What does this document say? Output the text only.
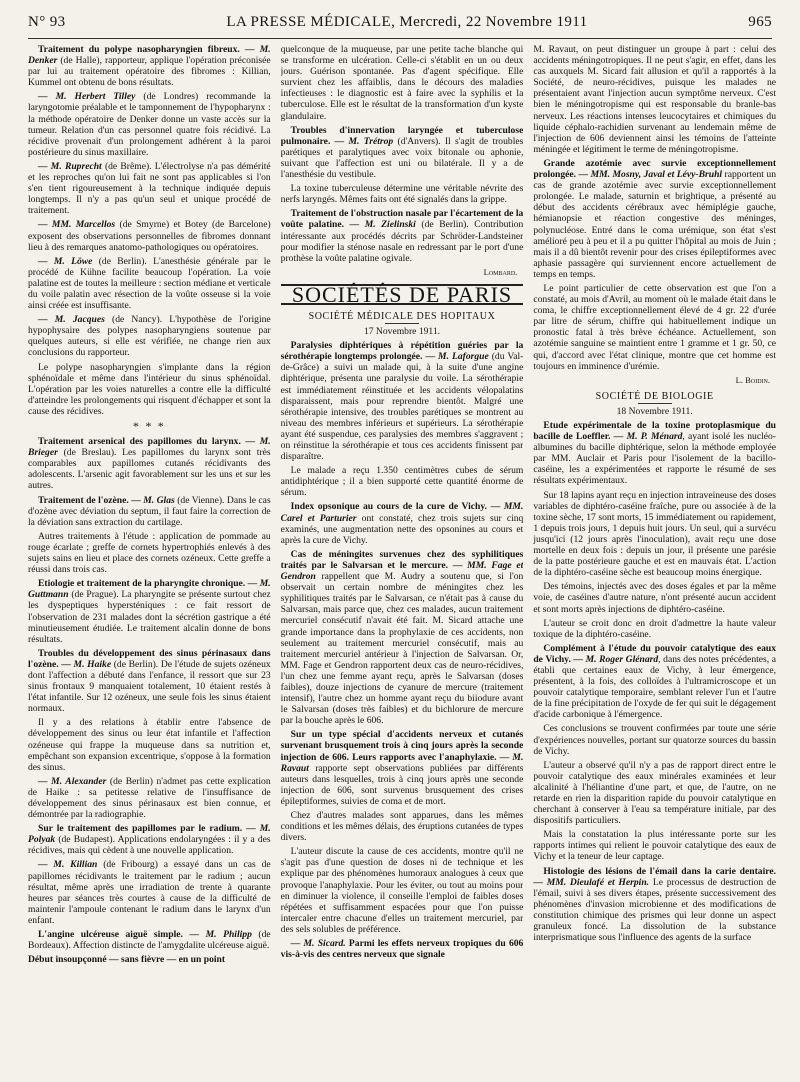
N° 93	LA PRESSE MÉDICALE, Mercredi, 22 Novembre 1911	965

Traitement du polype nasopharyngien fibreux. — M. Denker (de Halle), rapporteur, applique l'opération préconisée par lui au traitement opératoire des fibromes : Killian, Kummel ont obtenu de bons résultats.

— M. Herbert Tilley (de Londres) recommande la laryngotomie préalable et le tamponnement de l'hypopharynx : la méthode opératoire de Denker donne un vaste accès sur la tumeur. Relation d'un cas personnel quatre fois récidivé. La récidive provenait d'un prolongement adhérent à la paroi postérieure du sinus maxillaire.

— M. Ruprecht (de Brême). L'électrolyse n'a pas démérité et les reproches qu'on lui fait ne sont pas applicables si l'on s'en tient rigoureusement à la technique indiquée depuis longtemps. Il n'y a pas qu'un seul et unique procédé de traitement.

— MM. Marcellos (de Smyrne) et Botey (de Barcelone) exposent des observations personnelles de fibromes donnant lieu à des remarques anatomo-pathologiques ou opératoires.

— M. Löwe (de Berlin). L'anesthésie générale par le procédé de Kühne facilite beaucoup l'opération. La voie palatine est de toutes la meilleure : section médiane et verticale du voile palatin avec résection de la voûte osseuse si la voie ainsi créée est insuffisante.

— M. Jacques (de Nancy). L'hypothèse de l'origine hypophysaire des polypes nasopharyngiens soutenue par quelques auteurs, si elle est vérifiée, ne change rien aux conclusions du rapporteur.

Le polype nasopharyngien s'implante dans la région sphénoïdale et même dans l'intérieur du sinus sphénoïdal. L'opération par les voies naturelles a contre elle la difficulté d'atteindre les prolongements qui risquent d'échapper et sont la cause des récidives.

* * *

Traitement arsenical des papillomes du larynx. — M. Brieger (de Breslau). Les papillomes du larynx sont très comparables aux papillomes cutanés récidivants des adolescents. L'arsenic agit favorablement sur les uns et sur les autres.

Traitement de l'ozène. — M. Glas (de Vienne). Dans le cas d'ozène avec déviation du septum, il faut faire la correction de la déviation sans extraction du cartilage.

Autres traitements à l'étude : application de pommade au rouge écarlate ; greffe de cornets hypertrophiés enlevés à des sujets sains en lieu et place des cornets ozéneux. Cette greffe a réussi dans trois cas.

Etiologie et traitement de la pharyngite chronique. — M. Guttmann (de Prague). La pharyngite se présente surtout chez les dyspeptiques hypersténiques : ce fait ressort de l'observation de 231 malades dont la sécrétion gastrique a été minutieusement étudiée. Le traitement alcalin donne de bons résultats.

Troubles du développement des sinus périnasaux dans l'ozène. — M. Haike (de Berlin). De l'étude de sujets ozéneux dont l'affection a débuté dans l'enfance, il ressort que sur 23 sinus frontaux 9 manquaient totalement, 10 étaient restés à l'état infantile. Sur 12 ozéneux, une seule fois les sinus étaient normaux.

Il y a des relations à établir entre l'absence de développement des sinus ou leur état infantile et l'affection ozéneuse qui frappe la muqueuse dans sa nutrition et, empêchant son expansion excentrique, s'oppose à la formation des sinus.

— M. Alexander (de Berlin) n'admet pas cette explication de Haike : sa petitesse relative de l'insuffisance de développement des sinus périnasaux est bien connue, et démontrée par la radiographie.

Sur le traitement des papillomes par le radium. — M. Polyak (de Budapest). Applications endolaryngées : il y a des récidives, mais qui cèdent à une nouvelle application.

— M. Killian (de Fribourg) a essayé dans un cas de papillomes récidivants le traitement par le radium ; aucun résultat, même après une irradiation de trente à quarante heures par séances très courtes à cause de la difficulté de maintenir l'ampoule contenant le radium dans le larynx d'un enfant.

L'angine ulcéreuse aiguë simple. — M. Philipp (de Bordeaux). Affection distincte de l'amygdalite ulcéreuse aiguë.

Début insoupçonné — sans fièvre — en un point

quelconque de la muqueuse, par une petite tache blanche qui se transforme en ulcération. Celle-ci s'établit en un ou deux jours. Guérison spontanée. Pas d'agent spécifique. Elle survient chez les affaiblis, dans le décours des maladies infectieuses : le diagnostic est à faire avec la syphilis et la tuberculose. Elle est le résultat de la transformation d'un kyste glandulaire.

Troubles d'innervation laryngée et tuberculose pulmonaire. — M. Trétrop (d'Anvers). Il s'agit de troubles parétiques et paralytiques avec voix bitonale ou aphonie, suivant que l'affection est uni ou bilatérale. Il y a de l'anesthésie du vestibule.

La toxine tuberculeuse détermine une véritable névrite des nerfs laryngés. Mêmes faits ont été signalés dans la grippe.

Traitement de l'obstruction nasale par l'écartement de la voûte palatine. — M. Zielinski (de Berlin). Contribution intéressante aux procédés décrits par Schröder-Landsteiner pour modifier la sténose nasale en redressant par le port d'une prothèse la voûte palatine ogivale.

Lombard.
SOCIÉTÉS DE PARIS
SOCIÉTÉ MÉDICALE DES HOPITAUX
17 Novembre 1911.

Paralysies diphtériques à répétition guéries par la sérothérapie longtemps prolongée. — M. Laforgue (du Val-de-Grâce) a suivi un malade qui, à la suite d'une angine diphtérique, présenta une paralysie du voile. La sérothérapie est immédiatement réinstituée et les accidents vélopalatins disparaissent, mais pour reprendre bientôt. Malgré une sérothérapie intensive, des troubles parétiques se montrent au niveau des membres inférieurs et supérieurs. La sérothérapie ayant été suspendue, ces paralysies des membres s'aggravent ; on réinstitue la sérothérapie et tous ces accidents finissent par disparaître.

Le malade a reçu 1.350 centimètres cubes de sérum antidiphtérique ; il a bien supporté cette quantité énorme de sérum.

Index opsonique au cours de la cure de Vichy. — MM. Carel et Parturier ont constaté, chez trois sujets sur cinq examinés, une augmentation nette des opsonines au cours et après la cure de Vichy.

Cas de méningites survenues chez des syphilitiques traités par le Salvarsan et le mercure. — MM. Fage et Gendron rappellent que M. Audry a soutenu que, si l'on observait un certain nombre de méningites chez les syphilitiques traités par le Salvarsan, ce n'était pas à cause du Salvarsan, mais parce que, chez ces malades, aucun traitement mercuriel consécutif n'avait été fait. M. Sicard attache une grande importance dans la prophylaxie de ces accidents, non seulement au traitement mercuriel consécutif, mais au traitement mercuriel antérieur à l'injection de Salvarsan. Or, MM. Fage et Gendron rapportent deux cas de neuro-récidives, l'un chez une femme ayant reçu, après le Salvarsan (doses faibles), douze injections de cyanure de mercure (traitement intensif), l'autre chez un homme ayant reçu du biiodure avant le Salvarsan (doses très faibles) et du bichlorure de mercure par la bouche après le 606.

Sur un type spécial d'accidents nerveux et cutanés survenant brusquement trois à cinq jours après la seconde injection de 606. Leurs rapports avec l'anaphylaxie. — M. Ravaut rapporte sept observations publiées par différents auteurs dans lesquelles, trois à cinq jours après une seconde injection de 606, sont survenus brusquement des crises épileptiformes, suivies de coma et de mort.

Chez d'autres malades sont apparues, dans les mêmes conditions et les mêmes délais, des éruptions cutanées de types divers.

L'auteur discute la cause de ces accidents, montre qu'il ne s'agit pas d'une question de doses ni de technique et les explique par des phénomènes humoraux analogues à ceux que provoque l'anaphylaxie. Pour les éviter, ou tout au moins pour en diminuer la violence, il conseille l'emploi de faibles doses répétées et suffisamment espacées pour que l'on puisse intercaler entre chacune d'elles un traitement mercuriel, par des sels solubles de préférence.

— M. Sicard. Parmi les effets nerveux tropiques du 606 vis-à-vis des centres nerveux que signale

M. Ravaut, on peut distinguer un groupe à part : celui des accidents méningotropiques. Il ne peut s'agir, en effet, dans les cas auxquels M. Sicard fait allusion et qu'il a rapportés à la Société, de neuro-récidives, puisque les malades ne présentaient avant l'injection aucun symptôme nerveux. C'est bien le méningotropisme qui est responsable du branle-bas nerveux. Les réactions intenses leucocytaires et chimiques du liquide céphalo-rachidien survenant au lendemain même de l'injection de 606 deviennent ainsi les témoins de l'atteinte méningée et légitiment le terme de méningotropisme.

Grande azotémie avec survie exceptionnellement prolongée. — MM. Mosny, Javal et Lévy-Bruhl rapportent un cas de grande azotémie avec survie exceptionnellement prolongée. Le malade, saturnin et brightique, a présenté au début des accidents cérébraux avec hémiplégie gauche, hémianopsie et réaction congestive des méninges, polynucléose. Entré dans le coma urémique, son état s'est amélioré peu à peu et il a pu quitter l'hôpital au mois de Juin ; mais il a dû bientôt revenir pour des crises épileptiformes avec aphasie passagère qui surviennent encore actuellement de temps en temps.

Le point particulier de cette observation est que l'on a constaté, au mois d'Avril, au moment où le malade était dans le coma, le chiffre exceptionnellement élevé de 4 gr. 22 d'urée par litre de sérum, chiffre qui habituellement indique un pronostic fatal à très brève échéance. Actuellement, son azotémie sanguine se maintient entre 1 gramme et 1 gr. 50, ce qui, d'accord avec l'état clinique, montre que cet homme est toujours en imminence d'urémie.

L. Boidin.
SOCIÉTÉ DE BIOLOGIE
18 Novembre 1911.

Etude expérimentale de la toxine protoplasmique du bacille de Loeffler. — M. P. Ménard, ayant isolé les nucléo-albumines du bacille diphtérique, selon la méthode employée par MM. Auclair et Paris pour l'isolement de la bacillo-caséine, les a expérimentées et rapporte le résumé de ses résultats expérimentaux.

Sur 18 lapins ayant reçu en injection intraveineuse des doses variables de diphtéro-caséine fraîche, pure ou associée à de la toxine sèche, 17 sont morts, 15 immédiatement ou rapidement, 1 depuis trois jours, 1 depuis huit jours. Un seul, qui a survécu jusqu'ici (12 jours après l'inoculation), avait reçu une dose mortelle en deux fois : depuis un jour, il présente une parésie de la patte postérieure gauche et est en mauvais état. L'action de la diphtéro-caséine sèche est beaucoup moins énergique.

Des témoins, injectés avec des doses égales et par la même voie, de caséines d'autre nature, n'ont présenté aucun accident et sont morts après injections de diphtéro-caséine.

L'auteur se croit donc en droit d'admettre la haute valeur toxique de la diphtéro-caséine.

Complément à l'étude du pouvoir catalytique des eaux de Vichy. — M. Roger Glénard, dans des notes précédentes, a établi que certaines eaux de Vichy, à leur émergence, présentent, à la fois, des colloïdes à l'ultramicroscope et un pouvoir catalytique temporaire, semblant relever l'un et l'autre de la fine précipitation de l'oxyde de fer qui suit le dégagement d'acide carbonique à l'émergence.

Ces conclusions se trouvent confirmées par toute une série d'expériences nouvelles, portant sur quatorze sources du bassin de Vichy.

L'auteur a observé qu'il n'y a pas de rapport direct entre le pouvoir catalytique des eaux minérales examinées et leur alcalinité à l'héliantine d'une part, et que, de l'autre, on ne retarde en rien la disparition rapide du pouvoir catalytique en cherchant à conserver à l'eau sa température initiale, par des dispositifs particuliers.

Mais la constatation la plus intéressante porte sur les rapports intimes qui relient le pouvoir catalytique des eaux de Vichy et la teneur de leur captage.

Histologie des lésions de l'émail dans la carie dentaire. — MM. Dieulafé et Herpin. Le processus de destruction de l'émail, suivi à ses divers étapes, présente successivement des phénomènes d'invasion microbienne et des modifications de constitution chimique des prismes qui leur donne un aspect granuleux foncé. La dissolution de la substance interprismatique sous l'influence des agents de la surface
